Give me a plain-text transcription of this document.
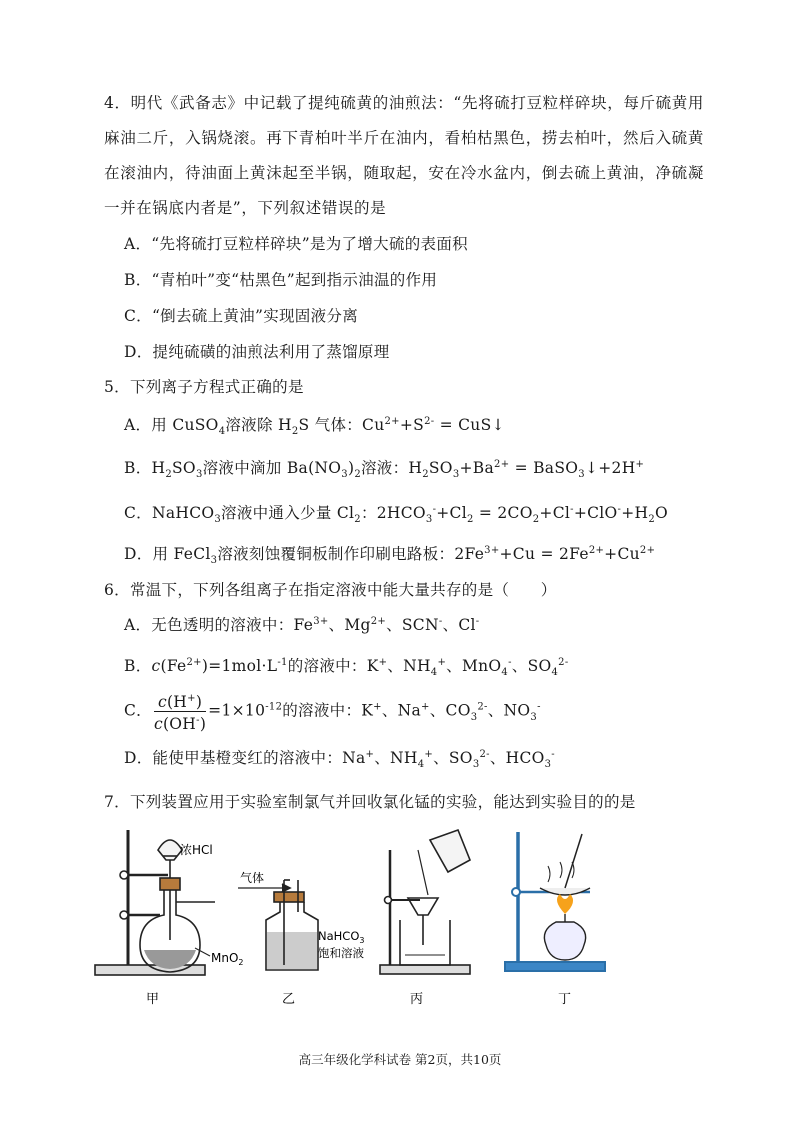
4．明代《武备志》中记载了提纯硫黄的油煎法：“先将硫打豆粒样碎块，每斤硫黄用麻油二斤，入锅烧滚。再下青柏叶半斤在油内，看柏枯黑色，捞去柏叶，然后入硫黄在滚油内，待油面上黄沫起至半锅，随取起，安在冷水盆内，倒去硫上黄油，净硫凝一并在锅底内者是”，下列叙述错误的是
A．“先将硫打豆粒样碎块”是为了增大硫的表面积
B．“青柏叶”变“枯黑色”起到指示油温的作用
C．“倒去硫上黄油”实现固液分离
D．提纯硫磺的油煎法利用了蒸馏原理
5．下列离子方程式正确的是
A．用 CuSO$_4$溶液除 $H_2S$ 气体：$Cu^{2+}+S^{2-}$ = CuS↓
B．$H_2SO_3$溶液中滴加 $Ba(NO_3)_2$溶液：$H_2SO_3+Ba^{2+}$ = BaSO$_3$↓+2H+
C．NaHCO$_3$溶液中通入少量 $Cl_2$：$2HCO_3^-+Cl_2 = 2CO_2+Cl^-+ClO^-+H_2O$
D．用 FeCl$_3$溶液刻蚀覆铜板制作印刷电路板：$2Fe^{3+}+Cu = 2Fe^{2+}+Cu^{2+}$
6．常温下，下列各组离子在指定溶液中能大量共存的是（　　）
A．无色透明的溶液中：$Fe^{3+}$、$Mg^{2+}$、SCN-、Cl-
B．$c(Fe^{2+})=1mol\cdot L^{-1}$的溶液中：K+、$NH_4^+$、MnO$_4$-、$SO_4^{2-}$
C． $\frac{c(H^+)}{c(OH^-)} =1\times 10^{-12}$的溶液中：K+、Na+、$CO_3^{2-}$、$NO_3^-$
D．能使甲基橙变红的溶液中：Na+、$NH_4^+$、$SO_3^{2-}$、$HCO_3^-$
7．下列装置应用于实验室制氯气并回收氯化锰的实验，能达到实验目的的是
浓HCl
MnO$_2$
甲
气体
NaHCO$_3$
饱和溶液
乙	丙	丁
高三年级化学科试卷 第2页，共10页
